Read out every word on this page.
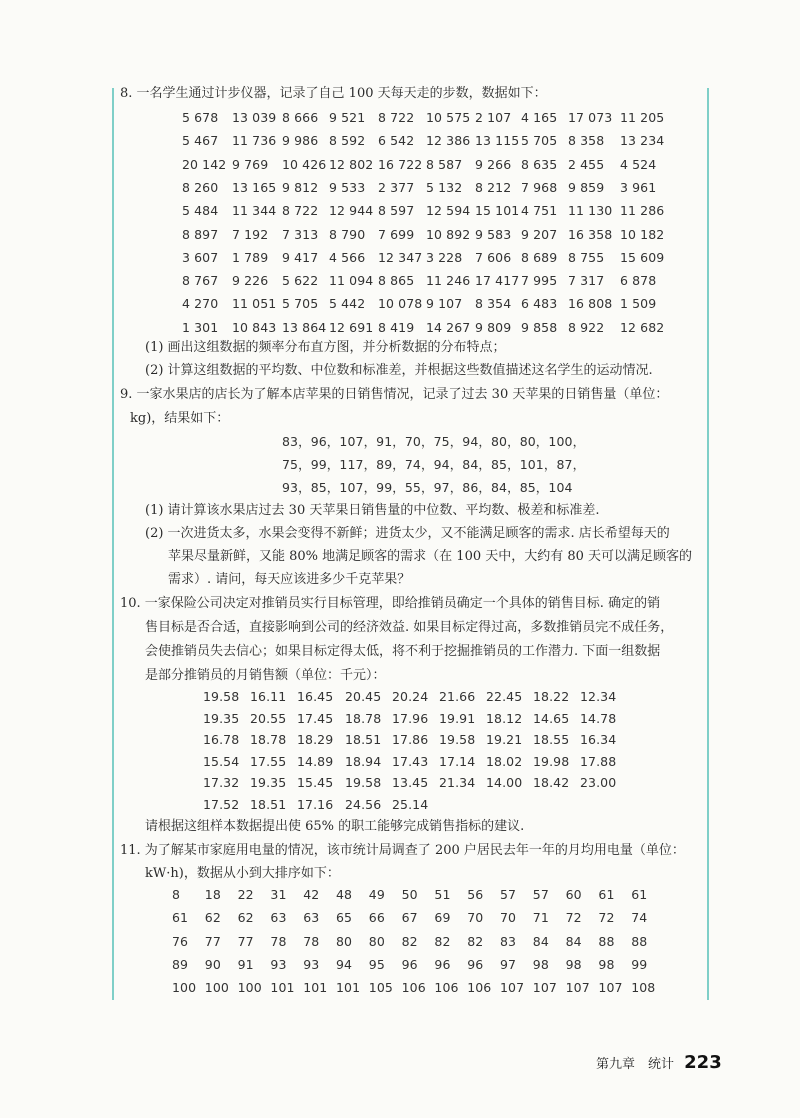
8. 一名学生通过计步仪器，记录了自己 100 天每天走的步数，数据如下：
5 678 13 039 8 666 9 521 8 722 10 575 2 107 4 165 17 073 11 205
5 467 11 736 9 986 8 592 6 542 12 386 13 115 5 705 8 358 13 234
20 142 9 769 10 426 12 802 16 722 8 587 9 266 8 635 2 455 4 524
8 260 13 165 9 812 9 533 2 377 5 132 8 212 7 968 9 859 3 961
5 484 11 344 8 722 12 944 8 597 12 594 15 101 4 751 11 130 11 286
8 897 7 192 7 313 8 790 7 699 10 892 9 583 9 207 16 358 10 182
3 607 1 789 9 417 4 566 12 347 3 228 7 606 8 689 8 755 15 609
8 767 9 226 5 622 11 094 8 865 11 246 17 417 7 995 7 317 6 878
4 270 11 051 5 705 5 442 10 078 9 107 8 354 6 483 16 808 1 509
1 301 10 843 13 864 12 691 8 419 14 267 9 809 9 858 8 922 12 682
(1) 画出这组数据的频率分布直方图，并分析数据的分布特点；
(2) 计算这组数据的平均数、中位数和标准差，并根据这些数值描述这名学生的运动情况.
9. 一家水果店的店长为了解本店苹果的日销售情况，记录了过去 30 天苹果的日销售量（单位：
kg)，结果如下：
83，96，107，91，70，75，94，80，80，100，
75，99，117，89，74，94，84，85，101，87，
93，85，107，99，55，97，86，84，85，104
(1) 请计算该水果店过去 30 天苹果日销售量的中位数、平均数、极差和标准差.
(2) 一次进货太多，水果会变得不新鲜；进货太少，又不能满足顾客的需求. 店长希望每天的
苹果尽量新鲜，又能 80% 地满足顾客的需求（在 100 天中，大约有 80 天可以满足顾客的
需求）. 请问，每天应该进多少千克苹果？
10. 一家保险公司决定对推销员实行目标管理，即给推销员确定一个具体的销售目标. 确定的销
售目标是否合适，直接影响到公司的经济效益. 如果目标定得过高，多数推销员完不成任务，
会使推销员失去信心；如果目标定得太低，将不利于挖掘推销员的工作潜力. 下面一组数据
是部分推销员的月销售额（单位：千元）：
19.58 16.11 16.45 20.45 20.24 21.66 22.45 18.22 12.34
19.35 20.55 17.45 18.78 17.96 19.91 18.12 14.65 14.78
16.78 18.78 18.29 18.51 17.86 19.58 19.21 18.55 16.34
15.54 17.55 14.89 18.94 17.43 17.14 18.02 19.98 17.88
17.32 19.35 15.45 19.58 13.45 21.34 14.00 18.42 23.00
17.52 18.51 17.16 24.56 25.14
请根据这组样本数据提出使 65% 的职工能够完成销售指标的建议.
11. 为了解某市家庭用电量的情况，该市统计局调查了 200 户居民去年一年的月均用电量（单位：
kW·h)，数据从小到大排序如下：
8 18 22 31 42 48 49 50 51 56 57 57 60 61 61
61 62 62 63 63 65 66 67 69 70 70 71 72 72 74
76 77 77 78 78 80 80 82 82 82 83 84 84 88 88
89 90 91 93 93 94 95 96 96 96 97 98 98 98 99
100 100 100 101 101 101 105 106 106 106 107 107 107 107 108
第九章　统计 223
